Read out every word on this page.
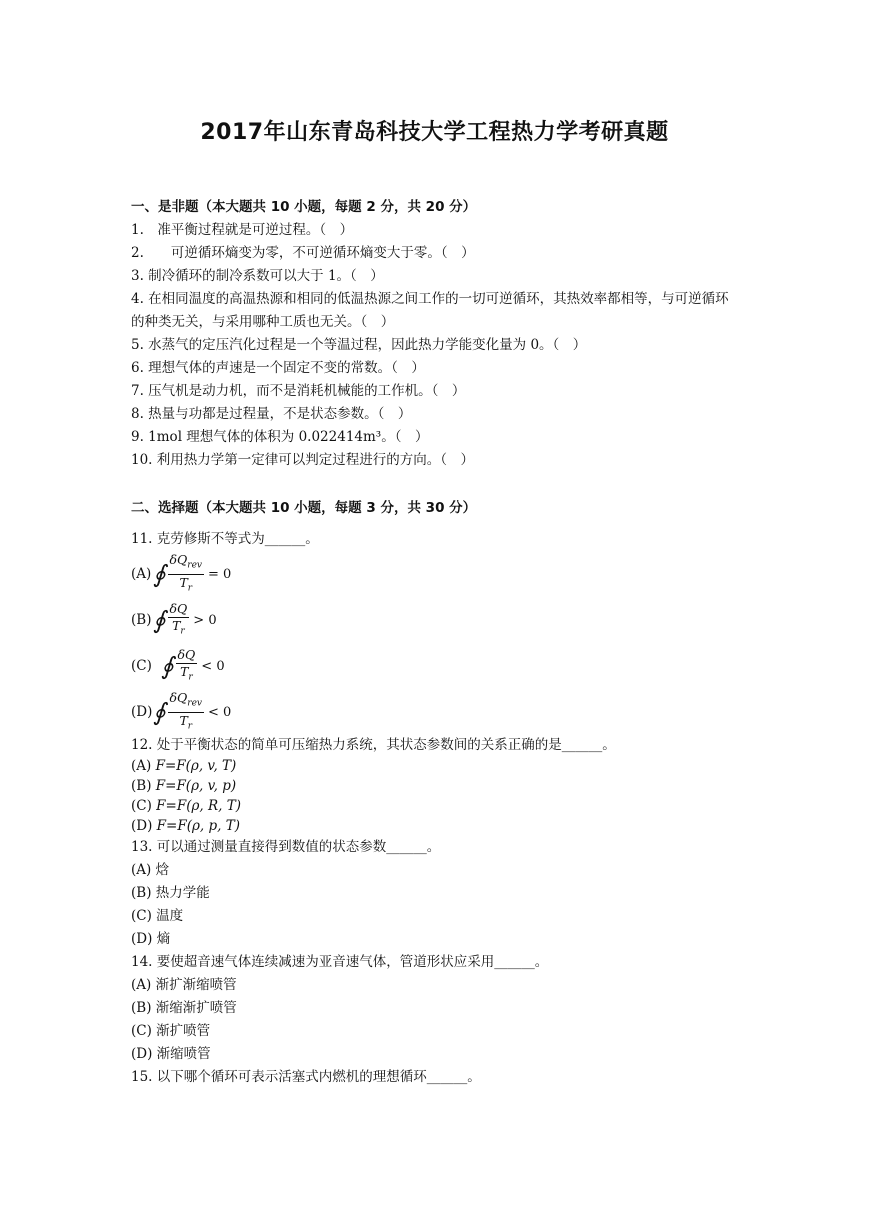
2017年山东青岛科技大学工程热力学考研真题
一、是非题（本大题共 10 小题，每题 2 分，共 20 分）
1.　准平衡过程就是可逆过程。（　）
2.　　可逆循环熵变为零，不可逆循环熵变大于零。（　）
3. 制冷循环的制冷系数可以大于 1。（　）
4. 在相同温度的高温热源和相同的低温热源之间工作的一切可逆循环，其热效率都相等，与可逆循环的种类无关，与采用哪种工质也无关。（　）
5. 水蒸气的定压汽化过程是一个等温过程，因此热力学能变化量为 0。（　）
6. 理想气体的声速是一个固定不变的常数。（　）
7. 压气机是动力机，而不是消耗机械能的工作机。（　）
8. 热量与功都是过程量，不是状态参数。（　）
9. 1mol 理想气体的体积为 0.022414m³。（　）
10. 利用热力学第一定律可以判定过程进行的方向。（　）
二、选择题（本大题共 10 小题，每题 3 分，共 30 分）
11. 克劳修斯不等式为______。
(A) ∮ $\frac{\delta Q_{rev}}{T_r} = 0$
(B) ∮ $\frac{\delta Q}{T_r} > 0$
(C) ∮ $\frac{\delta Q}{T_r} < 0$
(D) ∮ $\frac{\delta Q_{rev}}{T_r} < 0$
12. 处于平衡状态的简单可压缩热力系统，其状态参数间的关系正确的是______。
(A) F=F(ρ, v, T)
(B) F=F(ρ, v, p)
(C) F=F(ρ, R, T)
(D) F=F(ρ, p, T)
13. 可以通过测量直接得到数值的状态参数______。
(A) 焓
(B) 热力学能
(C) 温度
(D) 熵
14. 要使超音速气体连续减速为亚音速气体，管道形状应采用______。
(A) 渐扩渐缩喷管
(B) 渐缩渐扩喷管
(C) 渐扩喷管
(D) 渐缩喷管
15. 以下哪个循环可表示活塞式内燃机的理想循环______。
